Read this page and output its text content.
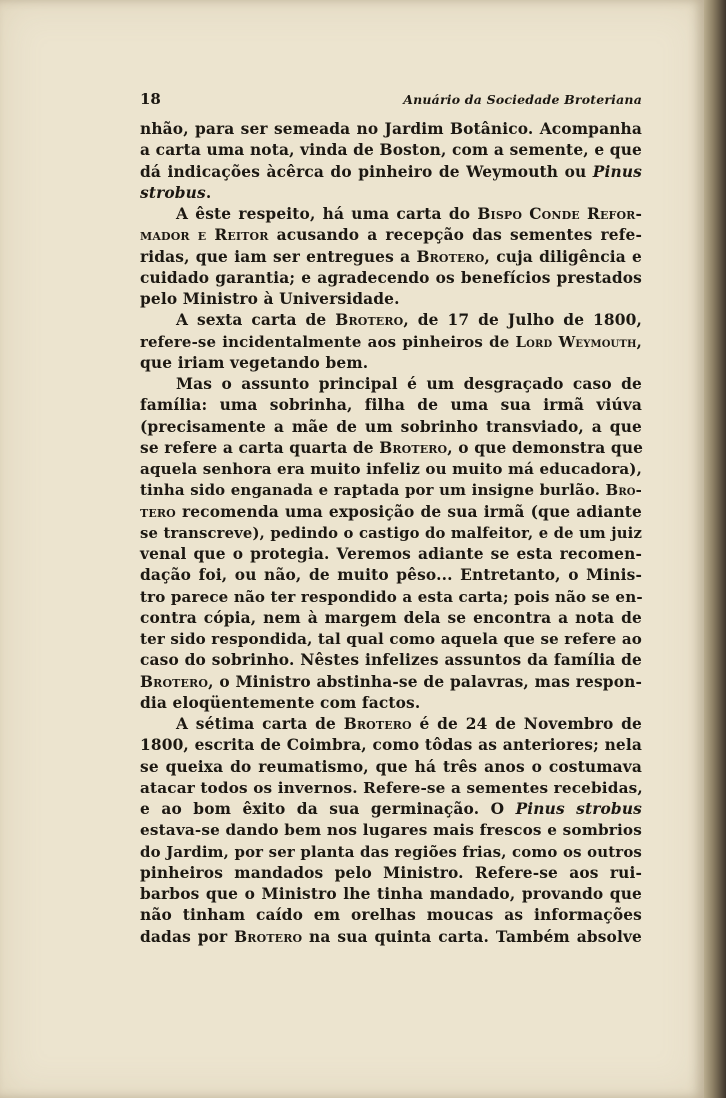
18	Anuário da Sociedade Broteriana
nhão, para ser semeada no Jardim Botânico. Acompanha
a carta uma nota, vinda de Boston, com a semente, e que
dá indicações àcêrca do pinheiro de Weymouth ou Pinus
strobus.
A êste respeito, há uma carta do Bispo Conde Refor-
mador e Reitor acusando a recepção das sementes refe-
ridas, que iam ser entregues a Brotero, cuja diligência e
cuidado garantia; e agradecendo os benefícios prestados
pelo Ministro à Universidade.
A sexta carta de Brotero, de 17 de Julho de 1800,
refere-se incidentalmente aos pinheiros de Lord Weymouth,
que iriam vegetando bem.
Mas o assunto principal é um desgraçado caso de
família: uma sobrinha, filha de uma sua irmã viúva
(precisamente a mãe de um sobrinho transviado, a que
se refere a carta quarta de Brotero, o que demonstra que
aquela senhora era muito infeliz ou muito má educadora),
tinha sido enganada e raptada por um insigne burlão. Bro-
tero recomenda uma exposição de sua irmã (que adiante
se transcreve), pedindo o castigo do malfeitor, e de um juiz
venal que o protegia. Veremos adiante se esta recomen-
dação foi, ou não, de muito pêso... Entretanto, o Minis-
tro parece não ter respondido a esta carta; pois não se en-
contra cópia, nem à margem dela se encontra a nota de
ter sido respondida, tal qual como aquela que se refere ao
caso do sobrinho. Nêstes infelizes assuntos da família de
Brotero, o Ministro abstinha-se de palavras, mas respon-
dia eloqüentemente com factos.
A sétima carta de Brotero é de 24 de Novembro de
1800, escrita de Coimbra, como tôdas as anteriores; nela
se queixa do reumatismo, que há três anos o costumava
atacar todos os invernos. Refere-se a sementes recebidas,
e ao bom êxito da sua germinação. O Pinus strobus
estava-se dando bem nos lugares mais frescos e sombrios
do Jardim, por ser planta das regiões frias, como os outros
pinheiros mandados pelo Ministro. Refere-se aos rui-
barbos que o Ministro lhe tinha mandado, provando que
não tinham caído em orelhas moucas as informações
dadas por Brotero na sua quinta carta. Também absolve
